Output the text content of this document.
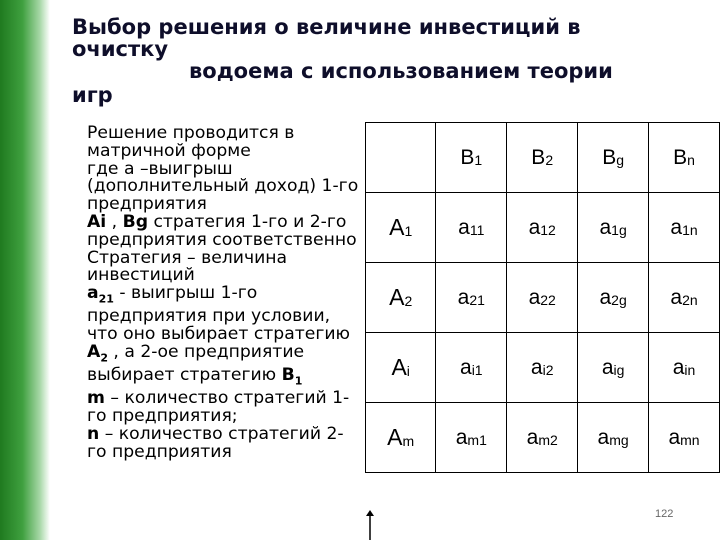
Выбор решения о величине инвестиций в
очистку
водоема с использованием теории
игр

Решение проводится в матричной форме

где а –выигрыш (дополнительный доход) 1-го предприятия

Ai , Bg стратегия 1-го и 2-го предприятия соответственно

Стратегия – величина инвестиций

$a_{21}$ - выигрыш 1-го предприятия при условии, что оно выбирает стратегию $A_2$ , а 2-ое предприятие выбирает стратегию $B_1$

m – количество стратегий 1-го предприятия;

n – количество стратегий 2-го предприятия

	$B_1$	$B_2$	$B_g$	$B_n$
$A_1$	$a_{11}$	$a_{12}$	$a_{1g}$	$a_{1n}$
$A_2$	$a_{21}$	$a_{22}$	$a_{2g}$	$a_{2n}$
$A_i$	$a_{i1}$	$a_{i2}$	$a_{ig}$	$a_{in}$
$A_m$	$a_{m1}$	$a_{m2}$	$a_{mg}$	$a_{mn}$
122
